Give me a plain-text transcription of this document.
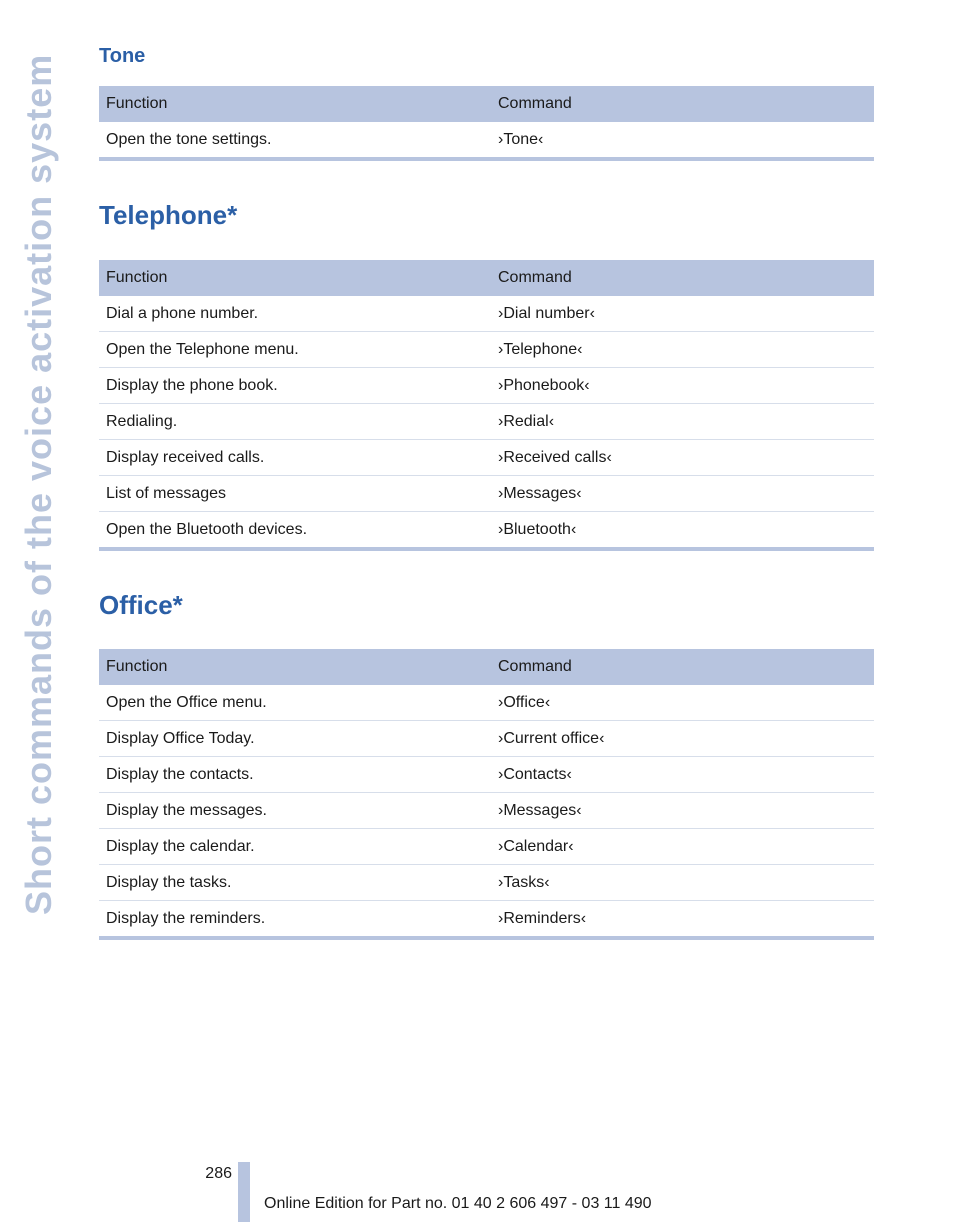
Short commands of the voice activation system	Tone
Function	Command
Open the tone settings.	›Tone‹
Telephone*
Function	Command
Dial a phone number.	›Dial number‹
Open the Telephone menu.	›Telephone‹
Display the phone book.	›Phonebook‹
Redialing.	›Redial‹
Display received calls.	›Received calls‹
List of messages	›Messages‹
Open the Bluetooth devices.	›Bluetooth‹
Office*
Function	Command
Open the Office menu.	›Office‹
Display Office Today.	›Current office‹
Display the contacts.	›Contacts‹
Display the messages.	›Messages‹
Display the calendar.	›Calendar‹
Display the tasks.	›Tasks‹
Display the reminders.	›Reminders‹
286
Online Edition for Part no. 01 40 2 606 497 - 03 11 490
